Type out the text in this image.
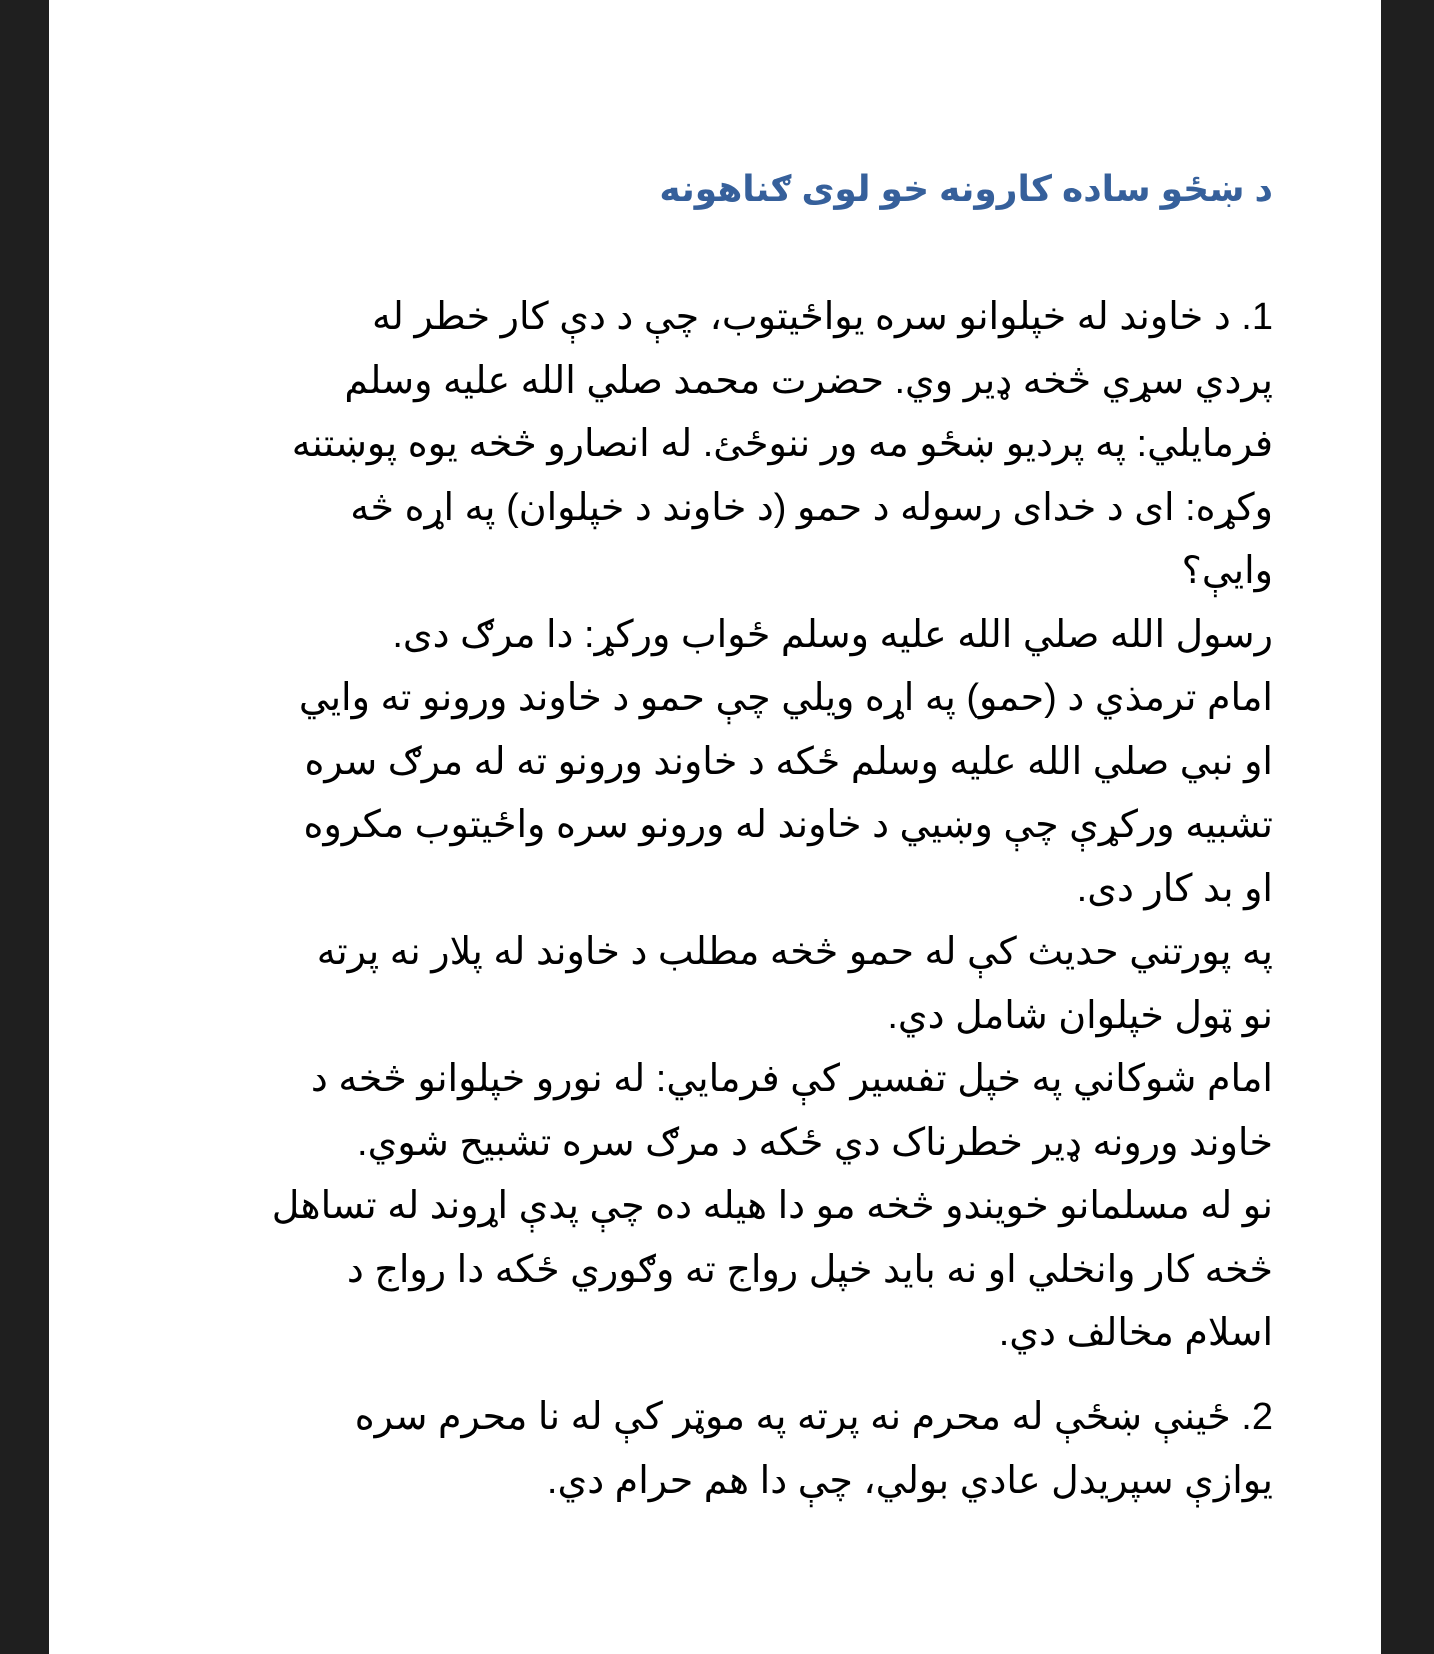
د ښځو ساده کارونه خو لوی ګناهونه
1. د خاوند له خپلوانو سره یواځیتوب، چې د دې کار خطر له
پردي سړي څخه ډیر وي. حضرت محمد صلي الله علیه وسلم
فرمایلي: په پردیو ښځو مه ور ننوځئ. له انصارو څخه یوه پوښتنه
وکړه: ای د خدای رسوله د حمو (د خاوند د خپلوان) په اړه څه
وایې؟
رسول الله صلي الله علیه وسلم ځواب ورکړ: دا مرګ دی.
امام ترمذي د (حمو) په اړه ویلي چې حمو د خاوند ورونو ته وایي
او نبي صلي الله علیه وسلم ځکه د خاوند ورونو ته له مرګ سره
تشبیه ورکړې چې وښیي د خاوند له ورونو سره واځیتوب مکروه
او بد کار دی.
په پورتني حدیث کې له حمو څخه مطلب د خاوند له پلار نه پرته
نو ټول خپلوان شامل دي.
امام شوکاني په خپل تفسیر کې فرمايي: له نورو خپلوانو څخه د
خاوند ورونه ډیر خطرناک دي ځکه د مرګ سره تشبیح شوي.
نو له مسلمانو خویندو څخه مو دا هیله ده چې پدې اړوند له تساهل
څخه کار وانخلي او نه باید خپل رواج ته وګوري ځکه دا رواج د
اسلام مخالف دي.
2. ځینې ښځې له محرم نه پرته په موټر کې له نا محرم سره
یوازې سپریدل عادي بولي، چې دا هم حرام دي.
